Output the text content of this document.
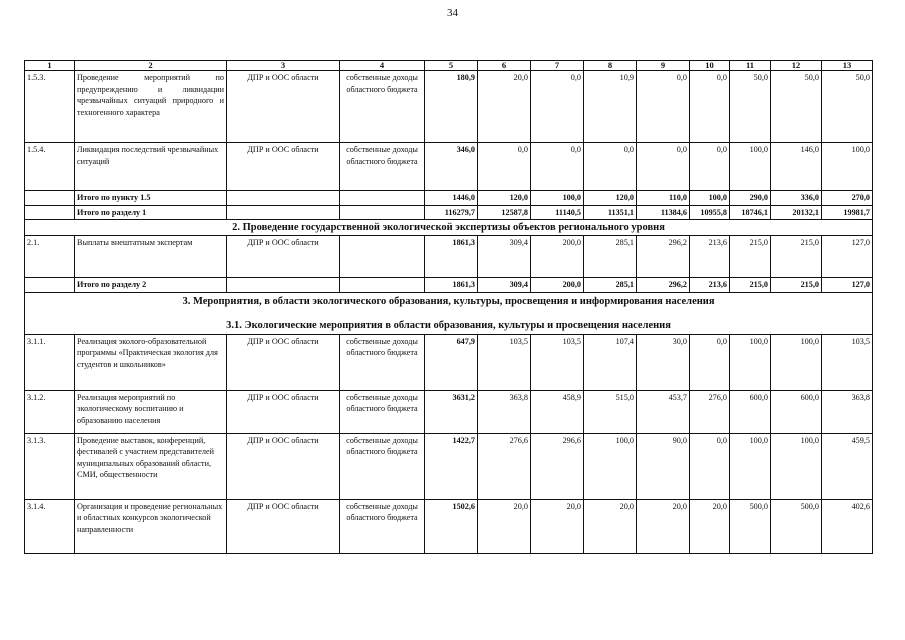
34
1	2	3	4	5	6	7	8	9	10	11	12	13
1.5.3.	Проведение мероприятий по предупреждению и ликвидации чрезвычайных ситуаций природного и техногенного характера	ДПР и ООС области	собственные доходы областного бюджета	180,9	20,0	0,0	10,9	0,0	0,0	50,0	50,0	50,0
1.5.4.	Ликвидация последствий чрезвычайных ситуаций	ДПР и ООС области	собственные доходы областного бюджета	346,0	0,0	0,0	0,0	0,0	0,0	100,0	146,0	100,0
	Итого по пункту 1.5			1446,0	120,0	100,0	120,0	110,0	100,0	290,0	336,0	270,0
	Итого по разделу 1			116279,7	12587,8	11140,5	11351,1	11384,6	10955,8	18746,1	20132,1	19981,7
2. Проведение государственной экологической экспертизы объектов регионального уровня												
2.1.	Выплаты внештатным экспертам	ДПР и ООС области		1861,3	309,4	200,0	285,1	296,2	213,6	215,0	215,0	127,0
	Итого по разделу 2			1861,3	309,4	200,0	285,1	296,2	213,6	215,0	215,0	127,0

3. Мероприятия, в области экологического образования, культуры, просвещения и информирования населения
3.1. Экологические мероприятия в области образования, культуры и просвещения населения												

3.1.1.	Реализация эколого-образовательной программы «Практическая экология для студентов и школьников»	ДПР и ООС области	собственные доходы областного бюджета	647,9	103,5	103,5	107,4	30,0	0,0	100,0	100,0	103,5
3.1.2.	Реализация мероприятий по экологическому воспитанию и образованию населения	ДПР и ООС области	собственные доходы областного бюджета	3631,2	363,8	458,9	515,0	453,7	276,0	600,0	600,0	363,8
3.1.3.	Проведение выставок, конференций, фестивалей с участием представителей муниципальных образований области, СМИ, общественности	ДПР и ООС области	собственные доходы областного бюджета	1422,7	276,6	296,6	100,0	90,0	0,0	100,0	100,0	459,5
3.1.4.	Организация и проведение региональных и областных конкурсов экологической направленности	ДПР и ООС области	собственные доходы областного бюджета	1502,6	20,0	20,0	20,0	20,0	20,0	500,0	500,0	402,6
